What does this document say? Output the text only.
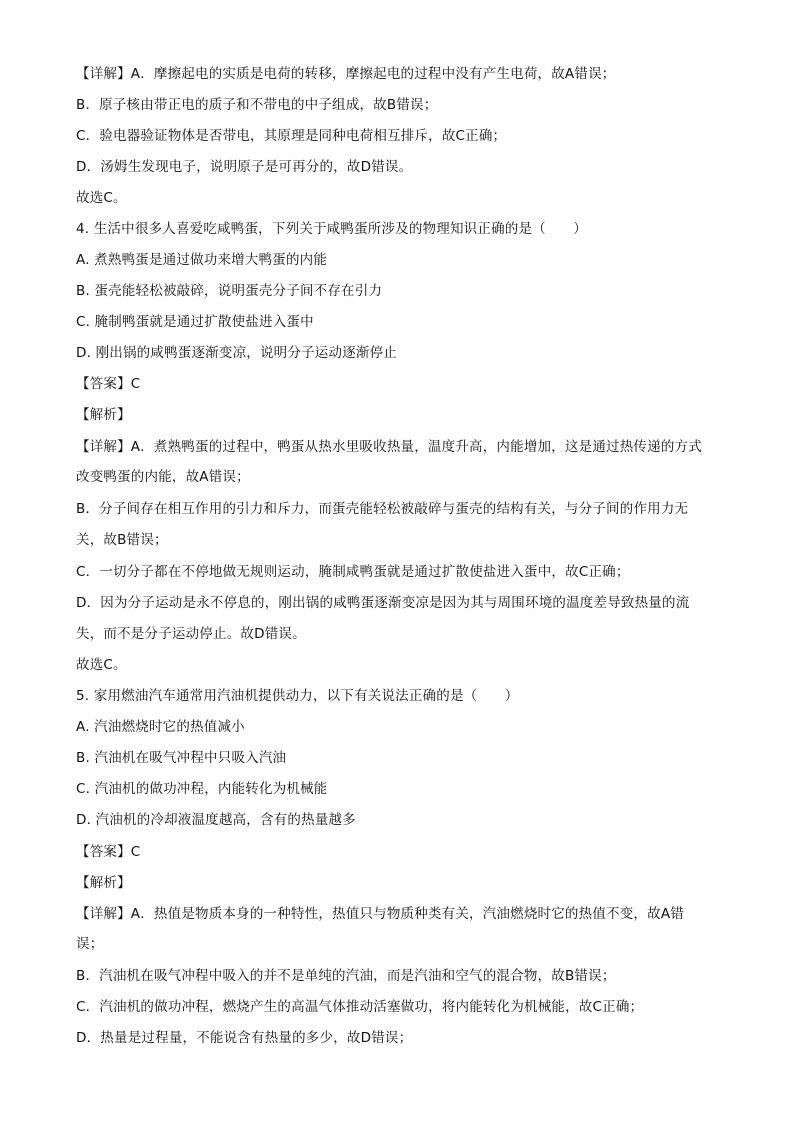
【详解】A．摩擦起电的实质是电荷的转移，摩擦起电的过程中没有产生电荷，故A错误；
B．原子核由带正电的质子和不带电的中子组成，故B错误；
C．验电器验证物体是否带电，其原理是同种电荷相互排斥，故C正确；
D．汤姆生发现电子，说明原子是可再分的，故D错误。
故选C。
4. 生活中很多人喜爱吃咸鸭蛋，下列关于咸鸭蛋所涉及的物理知识正确的是（　　）
A. 煮熟鸭蛋是通过做功来增大鸭蛋的内能
B. 蛋壳能轻松被敲碎，说明蛋壳分子间不存在引力
C. 腌制鸭蛋就是通过扩散使盐进入蛋中
D. 刚出锅的咸鸭蛋逐渐变凉，说明分子运动逐渐停止
【答案】C
【解析】
【详解】A．煮熟鸭蛋的过程中，鸭蛋从热水里吸收热量，温度升高，内能增加，这是通过热传递的方式
改变鸭蛋的内能，故A错误；
B．分子间存在相互作用的引力和斥力，而蛋壳能轻松被敲碎与蛋壳的结构有关，与分子间的作用力无
关，故B错误；
C．一切分子都在不停地做无规则运动，腌制咸鸭蛋就是通过扩散使盐进入蛋中，故C正确；
D．因为分子运动是永不停息的，刚出锅的咸鸭蛋逐渐变凉是因为其与周围环境的温度差导致热量的流
失，而不是分子运动停止。故D错误。
故选C。
5. 家用燃油汽车通常用汽油机提供动力，以下有关说法正确的是（　　）
A. 汽油燃烧时它的热值减小
B. 汽油机在吸气冲程中只吸入汽油
C. 汽油机的做功冲程，内能转化为机械能
D. 汽油机的冷却液温度越高，含有的热量越多
【答案】C
【解析】
【详解】A．热值是物质本身的一种特性，热值只与物质种类有关，汽油燃烧时它的热值不变，故A错
误；
B．汽油机在吸气冲程中吸入的并不是单纯的汽油，而是汽油和空气的混合物，故B错误；
C．汽油机的做功冲程，燃烧产生的高温气体推动活塞做功，将内能转化为机械能，故C正确；
D．热量是过程量，不能说含有热量的多少，故D错误；
